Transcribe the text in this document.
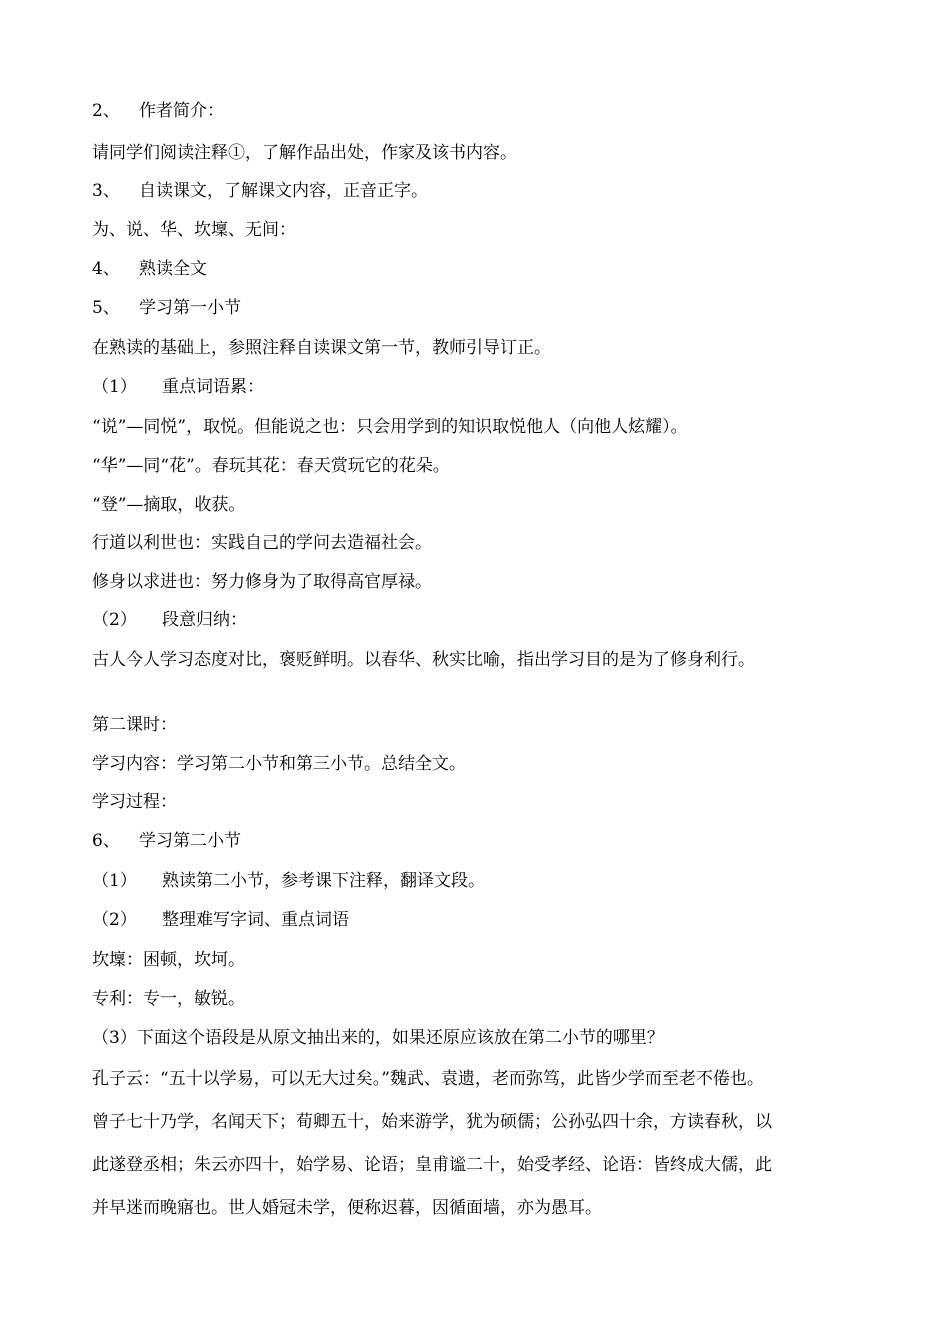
2、 作者简介：
请同学们阅读注释①，了解作品出处，作家及该书内容。
3、 自读课文，了解课文内容，正音正字。
为、说、华、坎壈、无间：
4、 熟读全文
5、 学习第一小节
在熟读的基础上，参照注释自读课文第一节，教师引导订正。
（1） 重点词语累：
“说”—同悦”，取悦。但能说之也：只会用学到的知识取悦他人（向他人炫耀）。
“华”—同“花”。春玩其花：春天赏玩它的花朵。
“登”—摘取，收获。
行道以利世也：实践自己的学问去造福社会。
修身以求进也：努力修身为了取得高官厚禄。
（2） 段意归纳：
古人今人学习态度对比，褒贬鲜明。以春华、秋实比喻，指出学习目的是为了修身利行。
第二课时：
学习内容：学习第二小节和第三小节。总结全文。
学习过程：
6、 学习第二小节
（1） 熟读第二小节，参考课下注释，翻译文段。
（2） 整理难写字词、重点词语
坎壈：困顿，坎坷。
专利：专一，敏锐。
（3）下面这个语段是从原文抽出来的，如果还原应该放在第二小节的哪里？
孔子云：“五十以学易，可以无大过矣。”魏武、袁遗，老而弥笃，此皆少学而至老不倦也。
曾子七十乃学，名闻天下；荀卿五十，始来游学，犹为硕儒；公孙弘四十余，方读春秋，以
此遂登丞相；朱云亦四十，始学易、论语；皇甫谧二十，始受孝经、论语：皆终成大儒，此
并早迷而晚寤也。世人婚冠未学，便称迟暮，因循面墙，亦为愚耳。
